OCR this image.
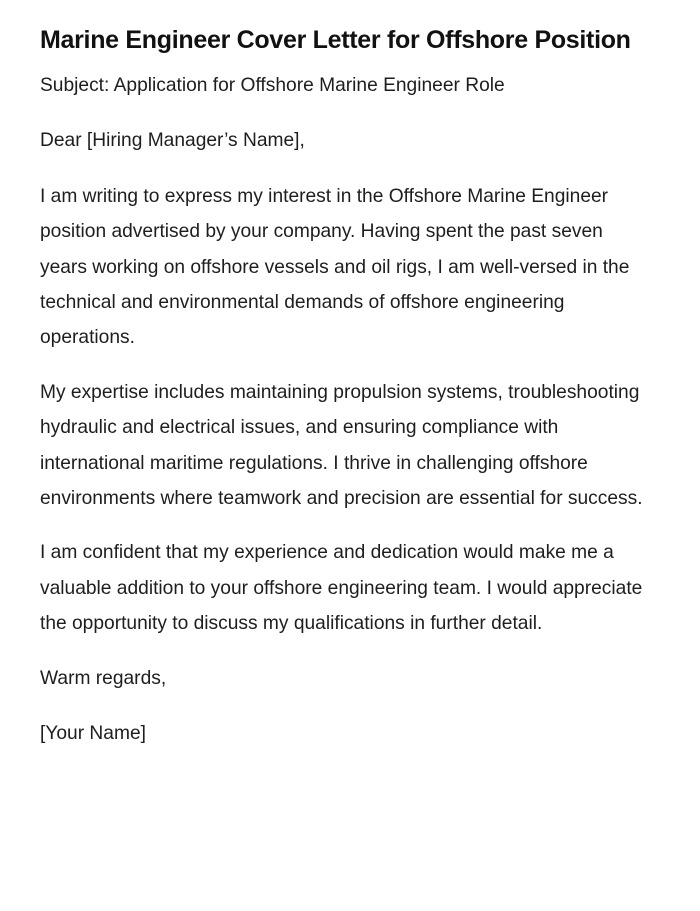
Marine Engineer Cover Letter for Offshore Position

Subject: Application for Offshore Marine Engineer Role

Dear [Hiring Manager’s Name],

I am writing to express my interest in the Offshore Marine Engineer position advertised by your company. Having spent the past seven years working on offshore vessels and oil rigs, I am well-versed in the technical and environmental demands of offshore engineering operations.

My expertise includes maintaining propulsion systems, troubleshooting hydraulic and electrical issues, and ensuring compliance with international maritime regulations. I thrive in challenging offshore environments where teamwork and precision are essential for success.

I am confident that my experience and dedication would make me a valuable addition to your offshore engineering team. I would appreciate the opportunity to discuss my qualifications in further detail.

Warm regards,

[Your Name]
